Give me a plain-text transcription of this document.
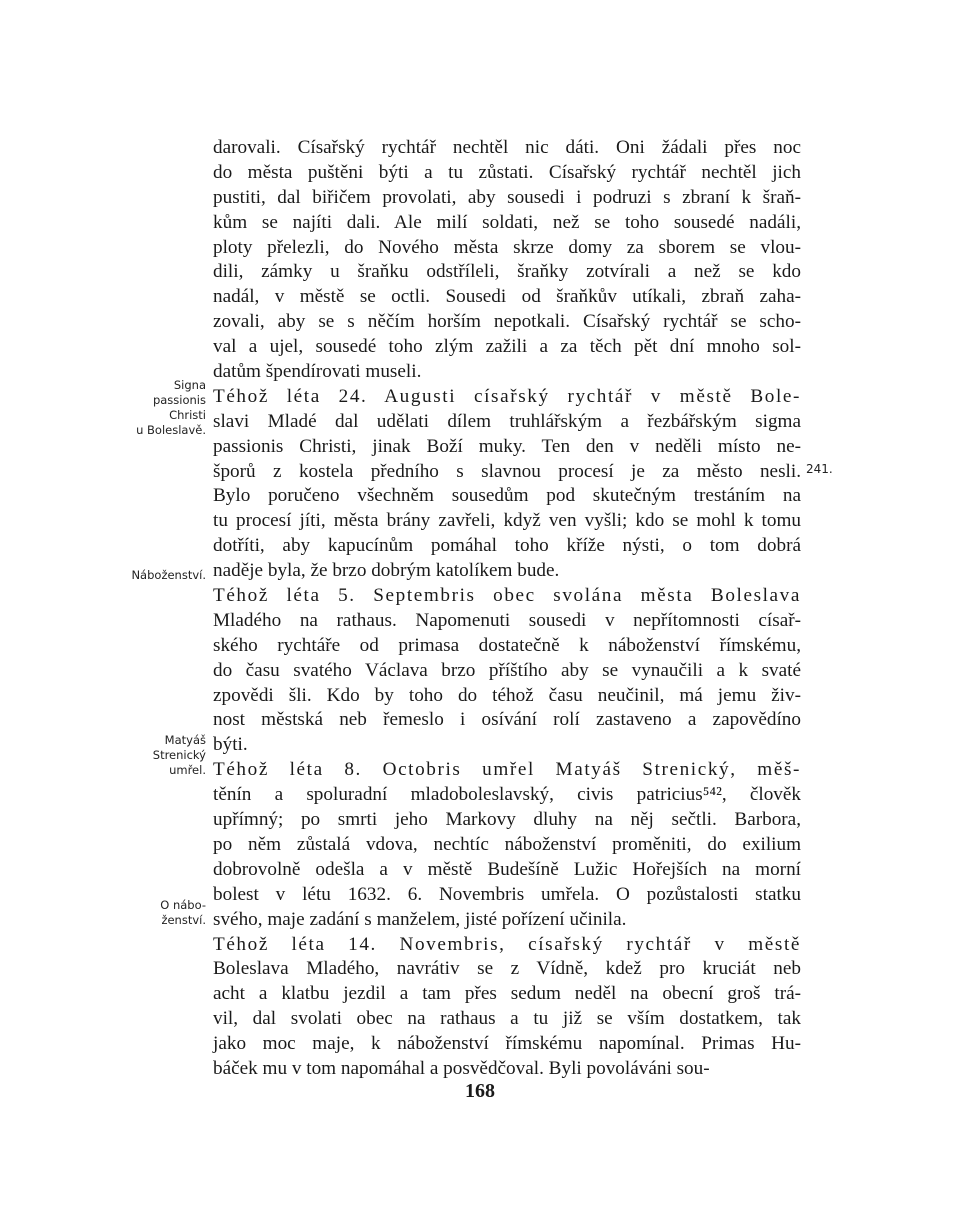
darovali. Císařský rychtář nechtěl nic dáti. Oni žádali přes noc
do města puštěni býti a tu zůstati. Císařský rychtář nechtěl jich
pustiti, dal biřičem provolati, aby sousedi i podruzi s zbraní k šraň-
kům se najíti dali. Ale milí soldati, než se toho sousedé nadáli,
ploty přelezli, do Nového města skrze domy za sborem se vlou-
dili, zámky u šraňku odstříleli, šraňky zotvírali a než se kdo
nadál, v městě se octli. Sousedi od šraňkův utíkali, zbraň zaha-
zovali, aby se s něčím horším nepotkali. Císařský rychtář se scho-
val a ujel, sousedé toho zlým zažili a za těch pět dní mnoho sol-
datům špendírovati museli.
Téhož léta 24. Augusti císařský rychtář v městě Bole-
slavi Mladé dal udělati dílem truhlářským a řezbářským sigma
passionis Christi, jinak Boží muky. Ten den v neděli místo ne-
šporů z kostela předního s slavnou procesí je za město nesli.
Bylo poručeno všechněm sousedům pod skutečným trestáním na
tu procesí jíti, města brány zavřeli, když ven vyšli; kdo se mohl k tomu
dotříti, aby kapucínům pomáhal toho kříže nýsti, o tom dobrá
naděje byla, že brzo dobrým katolíkem bude.
Téhož léta 5. Septembris obec svolána města Boleslava
Mladého na rathaus. Napomenuti sousedi v nepřítomnosti císař-
ského rychtáře od primasa dostatečně k náboženství římskému,
do času svatého Václava brzo příštího aby se vynaučili a k svaté
zpovědi šli. Kdo by toho do téhož času neučinil, má jemu živ-
nost městská neb řemeslo i osívání rolí zastaveno a zapovědíno
býti.
Téhož léta 8. Octobris umřel Matyáš Strenický, měš-
těnín a spoluradní mladoboleslavský, civis patricius⁵⁴², člověk
upřímný; po smrti jeho Markovy dluhy na něj sečtli. Barbora,
po něm zůstalá vdova, nechtíc náboženství proměniti, do exilium
dobrovolně odešla a v městě Budešíně Lužic Hořejších na morní
bolest v létu 1632. 6. Novembris umřela. O pozůstalosti statku
svého, maje zadání s manželem, jisté pořízení učinila.
Téhož léta 14. Novembris, císařský rychtář v městě
Boleslava Mladého, navrátiv se z Vídně, kdež pro kruciát neb
acht a klatbu jezdil a tam přes sedum neděl na obecní groš trá-
vil, dal svolati obec na rathaus a tu již se vším dostatkem, tak
jako moc maje, k náboženství římskému napomínal. Primas Hu-
báček mu v tom napomáhal a posvědčoval. Byli povoláváni sou-
Signa
passionis
Christi
u Boleslavě.
Náboženství.
Matyáš
Strenický
umřel.
O nábo-
ženství.
241.
168
